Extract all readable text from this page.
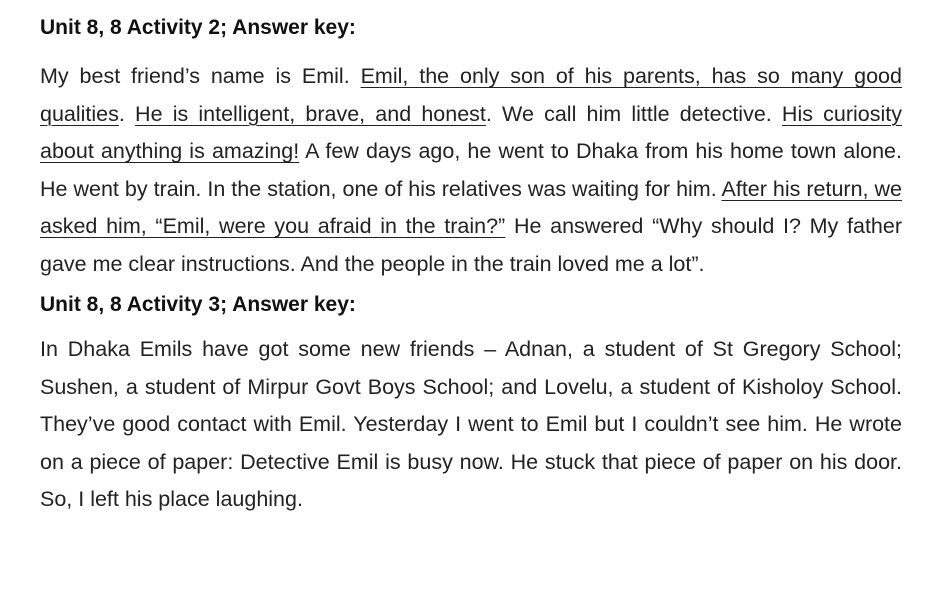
Unit 8, 8 Activity 2; Answer key:

My best friend’s name is Emil. Emil, the only son of his parents, has so many good qualities. He is intelligent, brave, and honest. We call him little detective. His curiosity about anything is amazing! A few days ago, he went to Dhaka from his home town alone. He went by train. In the station, one of his relatives was waiting for him. After his return, we asked him, “Emil, were you afraid in the train?” He answered “Why should I? My father gave me clear instructions. And the people in the train loved me a lot”.

Unit 8, 8 Activity 3; Answer key:

In Dhaka Emils have got some new friends – Adnan, a student of St Gregory School; Sushen, a student of Mirpur Govt Boys School; and Lovelu, a student of Kisholoy School. They’ve good contact with Emil. Yesterday I went to Emil but I couldn’t see him. He wrote on a piece of paper: Detective Emil is busy now. He stuck that piece of paper on his door. So, I left his place laughing.
